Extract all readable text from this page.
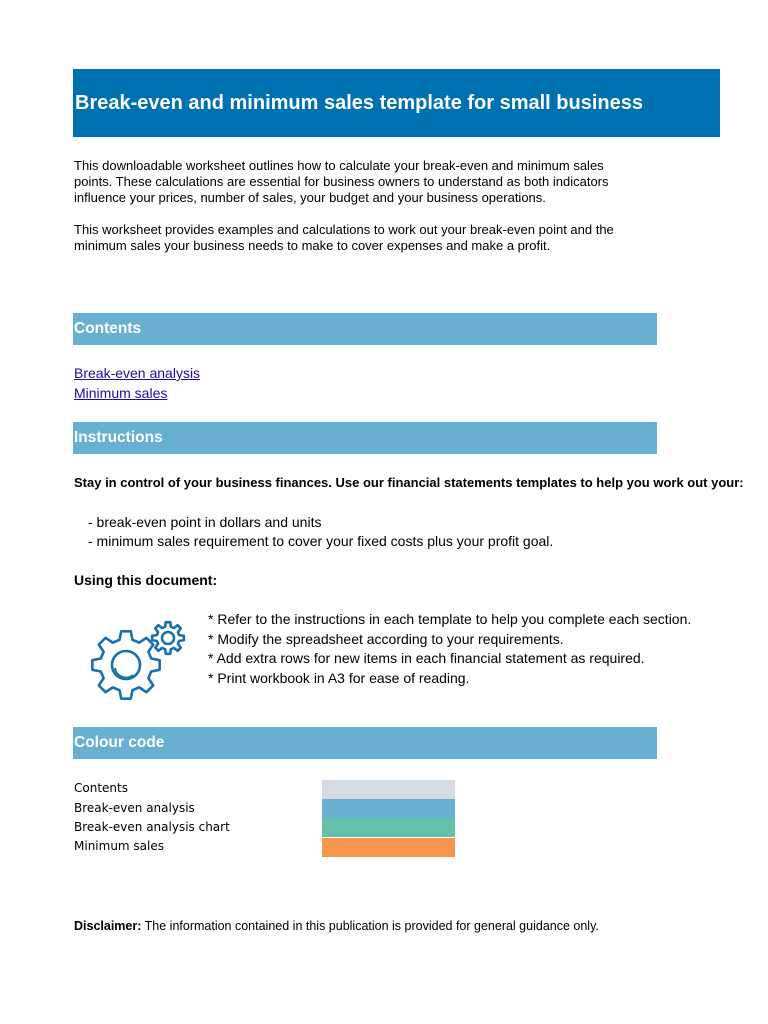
Break-even and minimum sales template for small business
This downloadable worksheet outlines how to calculate your break-even and minimum sales
points. These calculations are essential for business owners to understand as both indicators
influence your prices, number of sales, your budget and your business operations.
This worksheet provides examples and calculations to work out your break-even point and the
minimum sales your business needs to make to cover expenses and make a profit.
Contents
Break-even analysis
Minimum sales
Instructions
Stay in control of your business finances. Use our financial statements templates to help you work out your:
- break-even point in dollars and units
- minimum sales requirement to cover your fixed costs plus your profit goal.
Using this document:
* Refer to the instructions in each template to help you complete each section.
* Modify the spreadsheet according to your requirements.
* Add extra rows for new items in each financial statement as required.
* Print workbook in A3 for ease of reading.
Colour code
Contents
Break-even analysis
Break-even analysis chart
Minimum sales
Disclaimer: The information contained in this publication is provided for general guidance only.
